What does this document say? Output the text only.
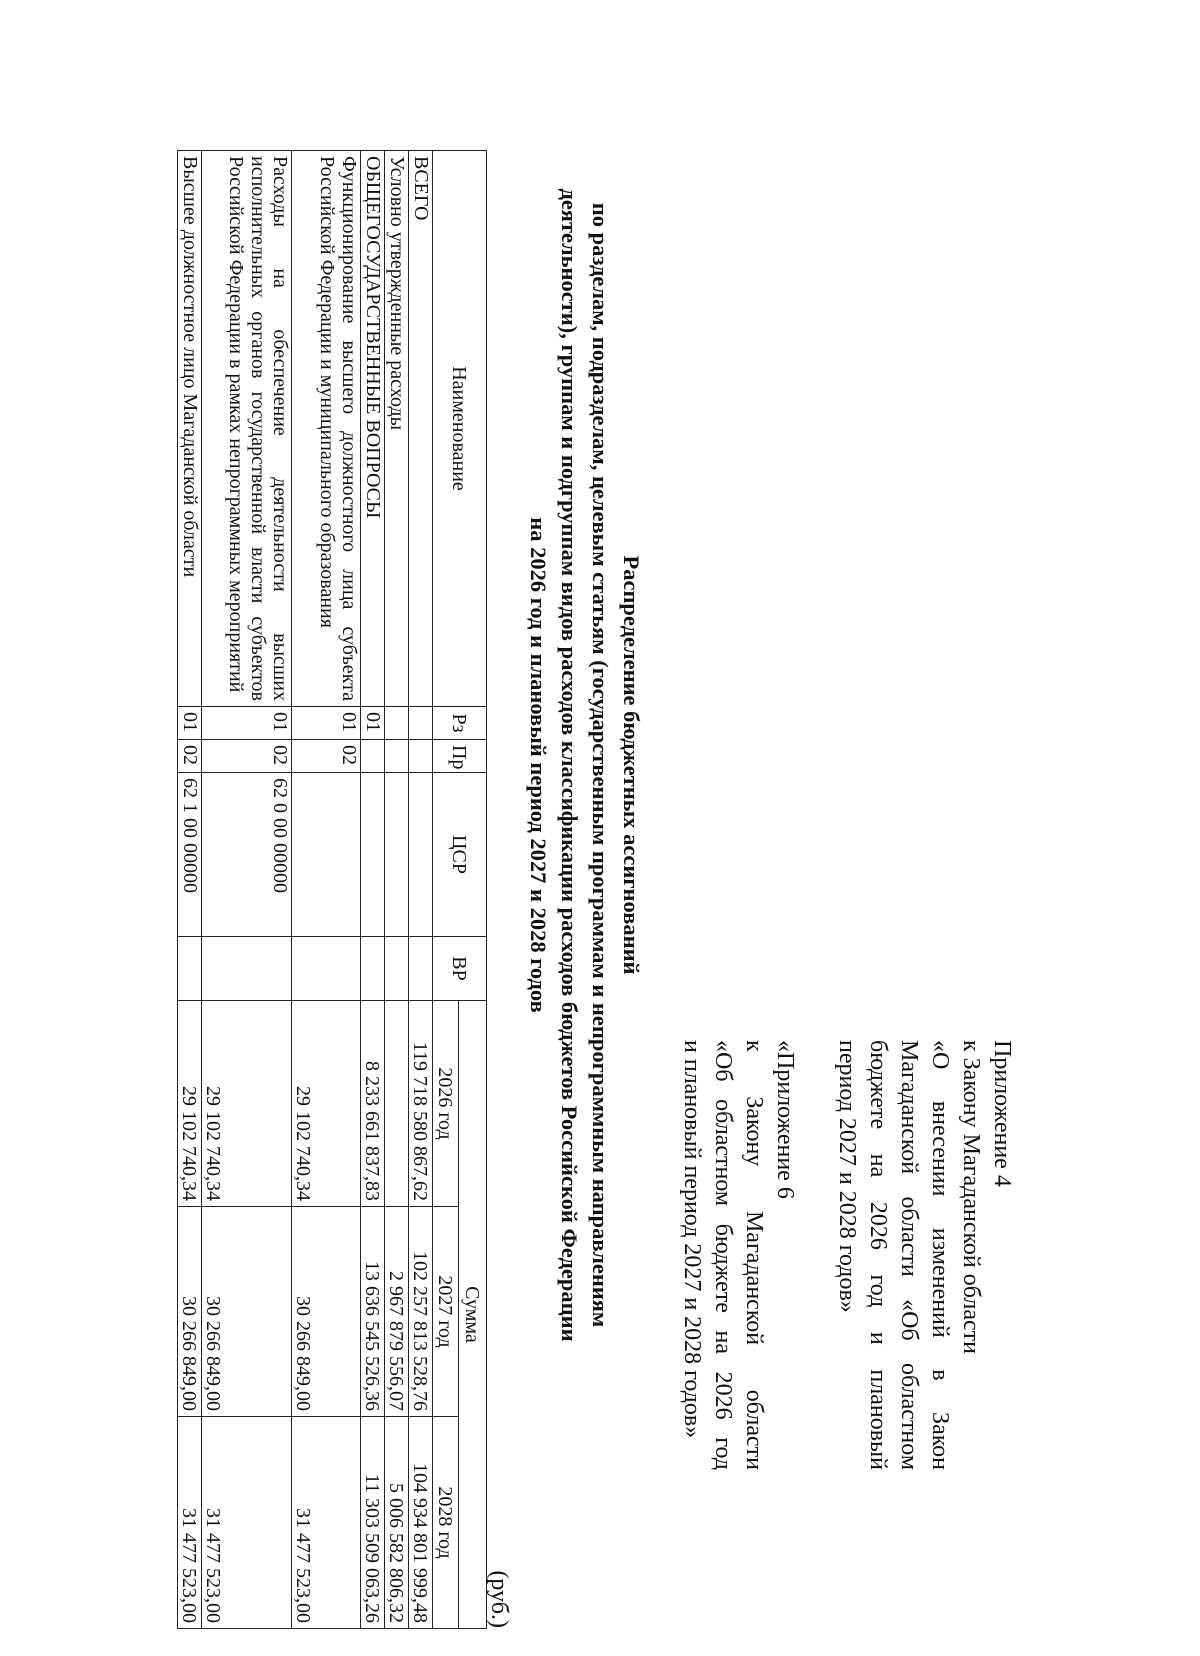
Приложение 4
к Закону Магаданской области
«О внесении изменений в Закон
Магаданской области «Об областном
бюджете на 2026 год и плановый
период 2027 и 2028 годов»
«Приложение 6
к Закону Магаданской области
«Об областном бюджете на 2026 год
и плановый период 2027 и 2028 годов»
Распределение бюджетных ассигнований
по разделам, подразделам, целевым статьям (государственным программам и непрограммным направлениям
деятельности), группам и подгруппам видов расходов классификации расходов бюджетов Российской Федерации
на 2026 год и плановый период 2027 и 2028 годов
(руб.)
Наименование	Рз	Пр	ЦСР	ВР	Сумма		
					2026 год	2027 год	2028 год
ВСЕГО					119 718 580 867,62	102 257 813 528,76	104 934 801 999,48
Условно утвержденные расходы						2 967 879 556,07	5 006 582 806,32
ОБЩЕГОСУДАРСТВЕННЫЕ ВОПРОСЫ	01				8 233 661 837,83	13 636 545 526,36	11 303 509 063,26
Функционирование высшего должностного лица субъекта Российской Федерации и муниципального образования	01	02			29 102 740,34	30 266 849,00	31 477 523,00
Расходы на обеспечение деятельности высших исполнительных органов государственной власти субъектов Российской Федерации в рамках непрограммных мероприятий	01	02	62 0 00 00000		29 102 740,34	30 266 849,00	31 477 523,00
Высшее должностное лицо Магаданской области	01	02	62 1 00 00000		29 102 740,34	30 266 849,00	31 477 523,00
